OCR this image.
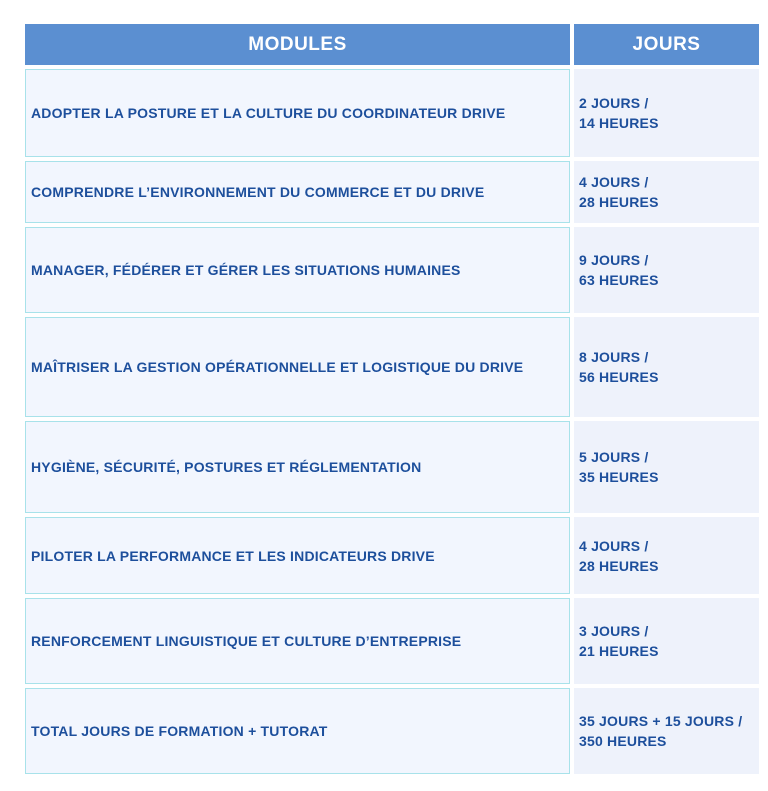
MODULES	JOURS
ADOPTER LA POSTURE ET LA CULTURE DU COORDINATEUR DRIVE
2 JOURS /
14 HEURES
COMPRENDRE L’ENVIRONNEMENT DU COMMERCE ET DU DRIVE
4 JOURS /
28 HEURES
MANAGER, FÉDÉRER ET GÉRER LES SITUATIONS HUMAINES
9 JOURS /
63 HEURES
MAÎTRISER LA GESTION OPÉRATIONNELLE ET LOGISTIQUE DU DRIVE
8 JOURS /
56 HEURES
HYGIÈNE, SÉCURITÉ, POSTURES ET RÉGLEMENTATION
5 JOURS /
35 HEURES
PILOTER LA PERFORMANCE ET LES INDICATEURS DRIVE
4 JOURS /
28 HEURES
RENFORCEMENT LINGUISTIQUE ET CULTURE D’ENTREPRISE
3 JOURS /
21 HEURES
TOTAL JOURS DE FORMATION + TUTORAT
35 JOURS + 15 JOURS /
350 HEURES
